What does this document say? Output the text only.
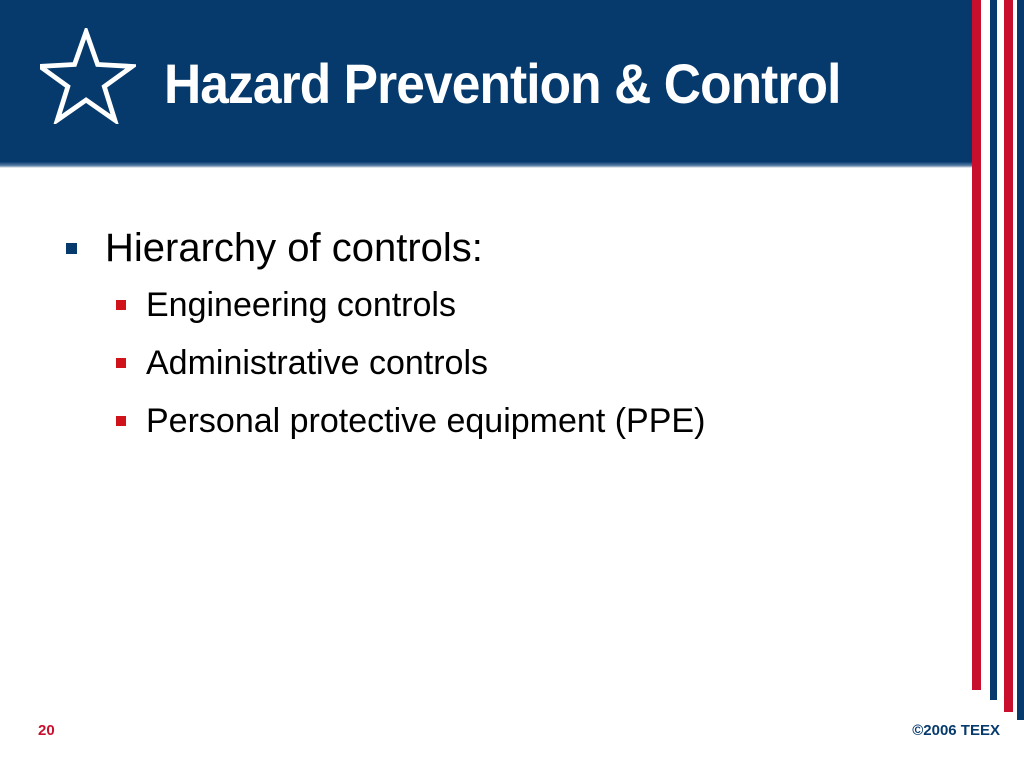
Hazard Prevention & Control
Hierarchy of controls:
Engineering controls
Administrative controls
Personal protective equipment (PPE)
20	©2006 TEEX
